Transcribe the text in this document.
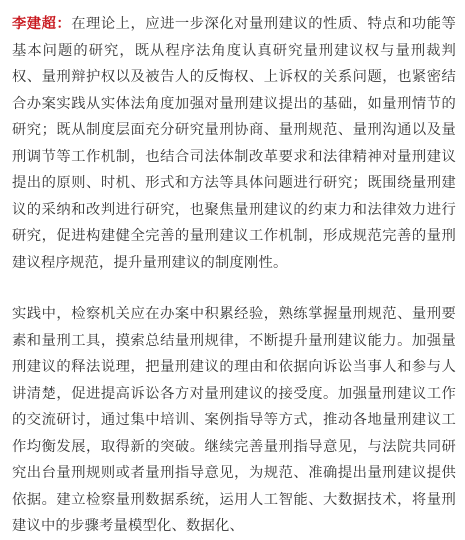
李建超：在理论上，应进一步深化对量刑建议的性质、特点和功能等基本问题的研究，既从程序法角度认真研究量刑建议权与量刑裁判权、量刑辩护权以及被告人的反悔权、上诉权的关系问题，也紧密结合办案实践从实体法角度加强对量刑建议提出的基础，如量刑情节的研究；既从制度层面充分研究量刑协商、量刑规范、量刑沟通以及量刑调节等工作机制，也结合司法体制改革要求和法律精神对量刑建议提出的原则、时机、形式和方法等具体问题进行研究；既围绕量刑建议的采纳和改判进行研究，也聚焦量刑建议的约束力和法律效力进行研究，促进构建健全完善的量刑建议工作机制，形成规范完善的量刑建议程序规范，提升量刑建议的制度刚性。

实践中，检察机关应在办案中积累经验，熟练掌握量刑规范、量刑要素和量刑工具，摸索总结量刑规律，不断提升量刑建议能力。加强量刑建议的释法说理，把量刑建议的理由和依据向诉讼当事人和参与人讲清楚，促进提高诉讼各方对量刑建议的接受度。加强量刑建议工作的交流研讨，通过集中培训、案例指导等方式，推动各地量刑建议工作均衡发展，取得新的突破。继续完善量刑指导意见，与法院共同研究出台量刑规则或者量刑指导意见，为规范、准确提出量刑建议提供依据。建立检察量刑数据系统，运用人工智能、大数据技术，将量刑建议中的步骤考量模型化、数据化、
